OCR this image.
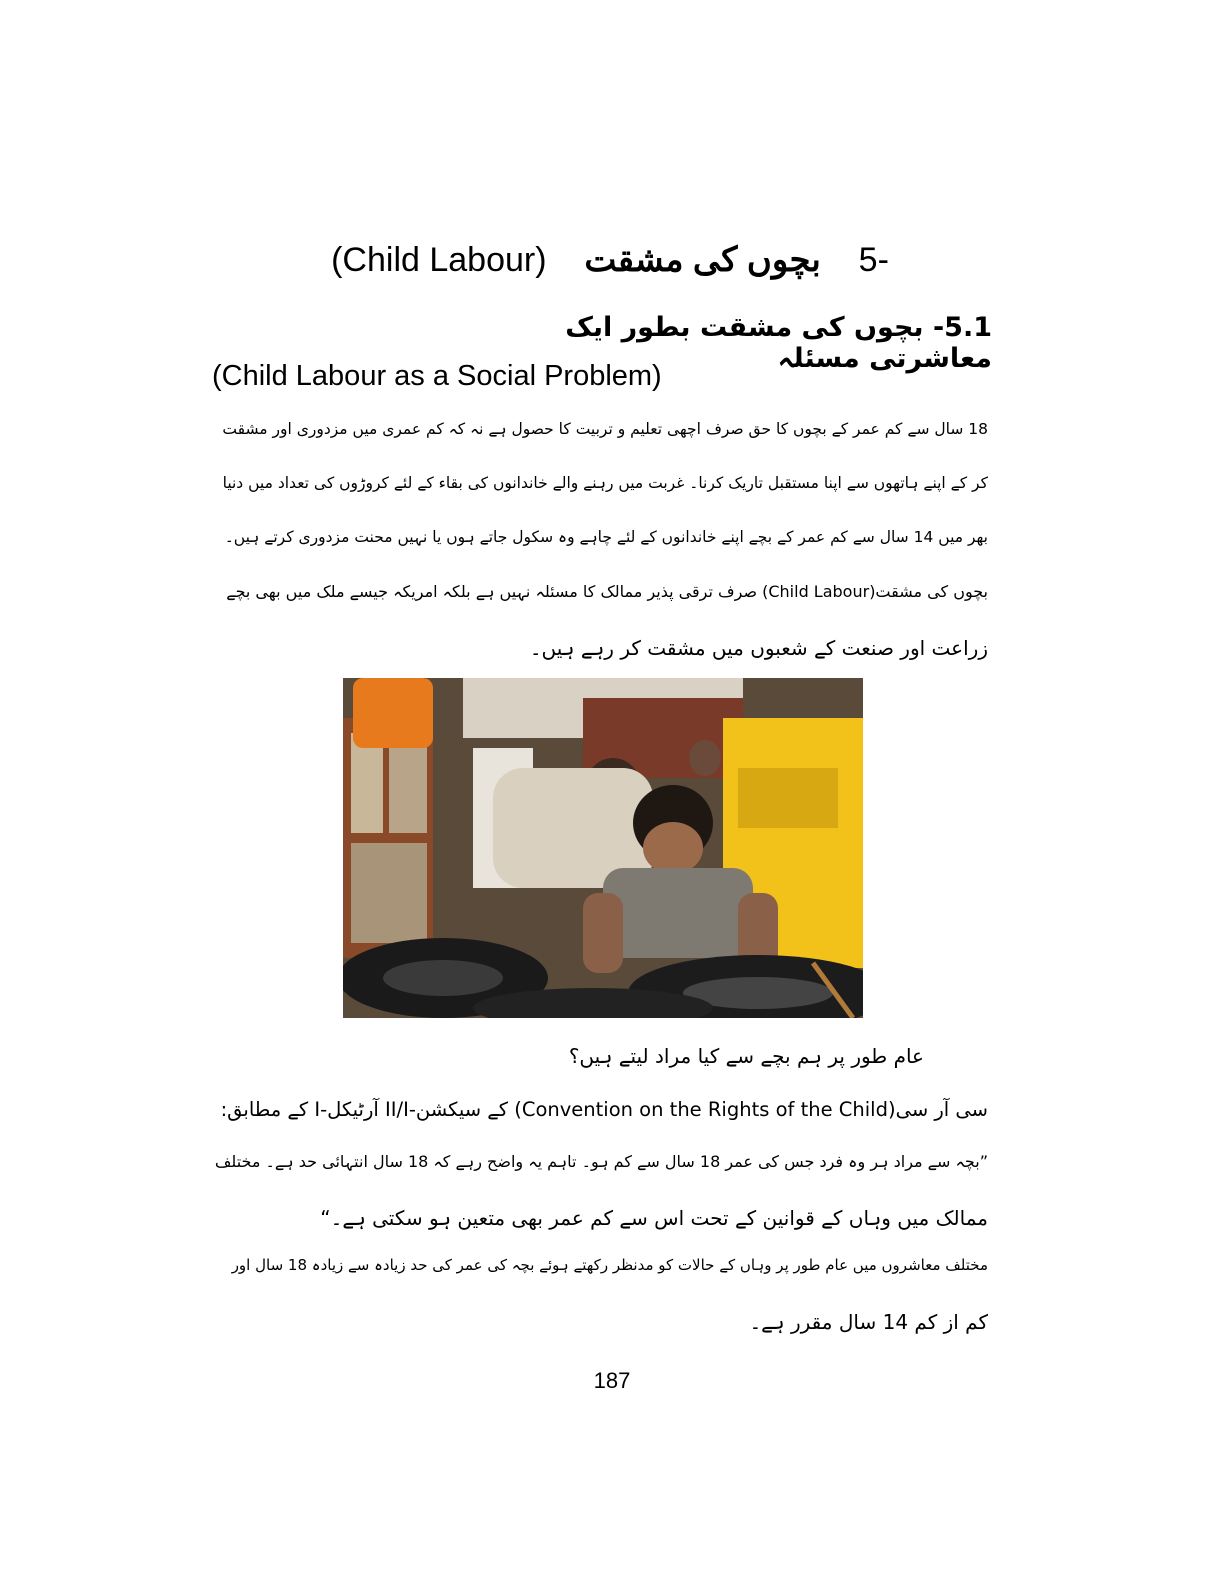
(Child Labour) بچوں کی مشقت 5-
5.1- بچوں کی مشقت بطور ایک معاشرتی مسئلہ
(Child Labour as a Social Problem)
18 سال سے کم عمر کے بچوں کا حق صرف اچھی تعلیم و تربیت کا حصول ہے نہ کہ کم عمری میں مزدوری اور مشقت
کر کے اپنے ہاتھوں سے اپنا مستقبل تاریک کرنا۔ غربت میں رہنے والے خاندانوں کی بقاء کے لئے کروڑوں کی تعداد میں دنیا
بھر میں 14 سال سے کم عمر کے بچے اپنے خاندانوں کے لئے چاہے وہ سکول جاتے ہوں یا نہیں محنت مزدوری کرتے ہیں۔
بچوں کی مشقت(Child Labour) صرف ترقی پذیر ممالک کا مسئلہ نہیں ہے بلکہ امریکہ جیسے ملک میں بھی بچے
زراعت اور صنعت کے شعبوں میں مشقت کر رہے ہیں۔
عام طور پر ہم بچے سے کیا مراد لیتے ہیں؟
سی آر سی(Convention on the Rights of the Child) کے سیکشن-II/I آرٹیکل-I کے مطابق:
”بچہ سے مراد ہر وہ فرد جس کی عمر 18 سال سے کم ہو۔ تاہم یہ واضح رہے کہ 18 سال انتہائی حد ہے۔ مختلف
ممالک میں وہاں کے قوانین کے تحت اس سے کم عمر بھی متعین ہو سکتی ہے۔“
مختلف معاشروں میں عام طور پر وہاں کے حالات کو مدنظر رکھتے ہوئے بچہ کی عمر کی حد زیادہ سے زیادہ 18 سال اور
کم از کم 14 سال مقرر ہے۔
187
